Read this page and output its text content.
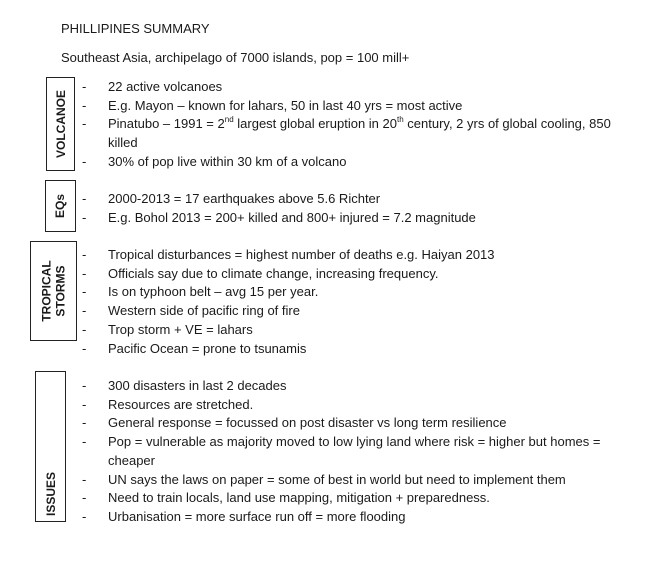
PHILLIPINES SUMMARY
Southeast Asia, archipelago of 7000 islands, pop = 100 mill+
VOLCANOE
- 22 active volcanoes
- E.g. Mayon – known for lahars, 50 in last 40 yrs = most active
- Pinatubo – 1991 = 2nd largest global eruption in 20th century, 2 yrs of global cooling, 850 killed
- 30% of pop live within 30 km of a volcano
EQs - 2000-2013 = 17 earthquakes above 5.6 Richter
- E.g. Bohol 2013 = 200+ killed and 800+ injured = 7.2 magnitude
TROPICAL STORMS
- Tropical disturbances = highest number of deaths e.g. Haiyan 2013
- Officials say due to climate change, increasing frequency.
- Is on typhoon belt – avg 15 per year.
- Western side of pacific ring of fire
- Trop storm + VE = lahars
- Pacific Ocean = prone to tsunamis
ISSUES
- 300 disasters in last 2 decades
- Resources are stretched.
- General response = focussed on post disaster vs long term resilience
- Pop = vulnerable as majority moved to low lying land where risk = higher but homes = cheaper
- UN says the laws on paper = some of best in world but need to implement them
- Need to train locals, land use mapping, mitigation + preparedness.
- Urbanisation = more surface run off = more flooding
